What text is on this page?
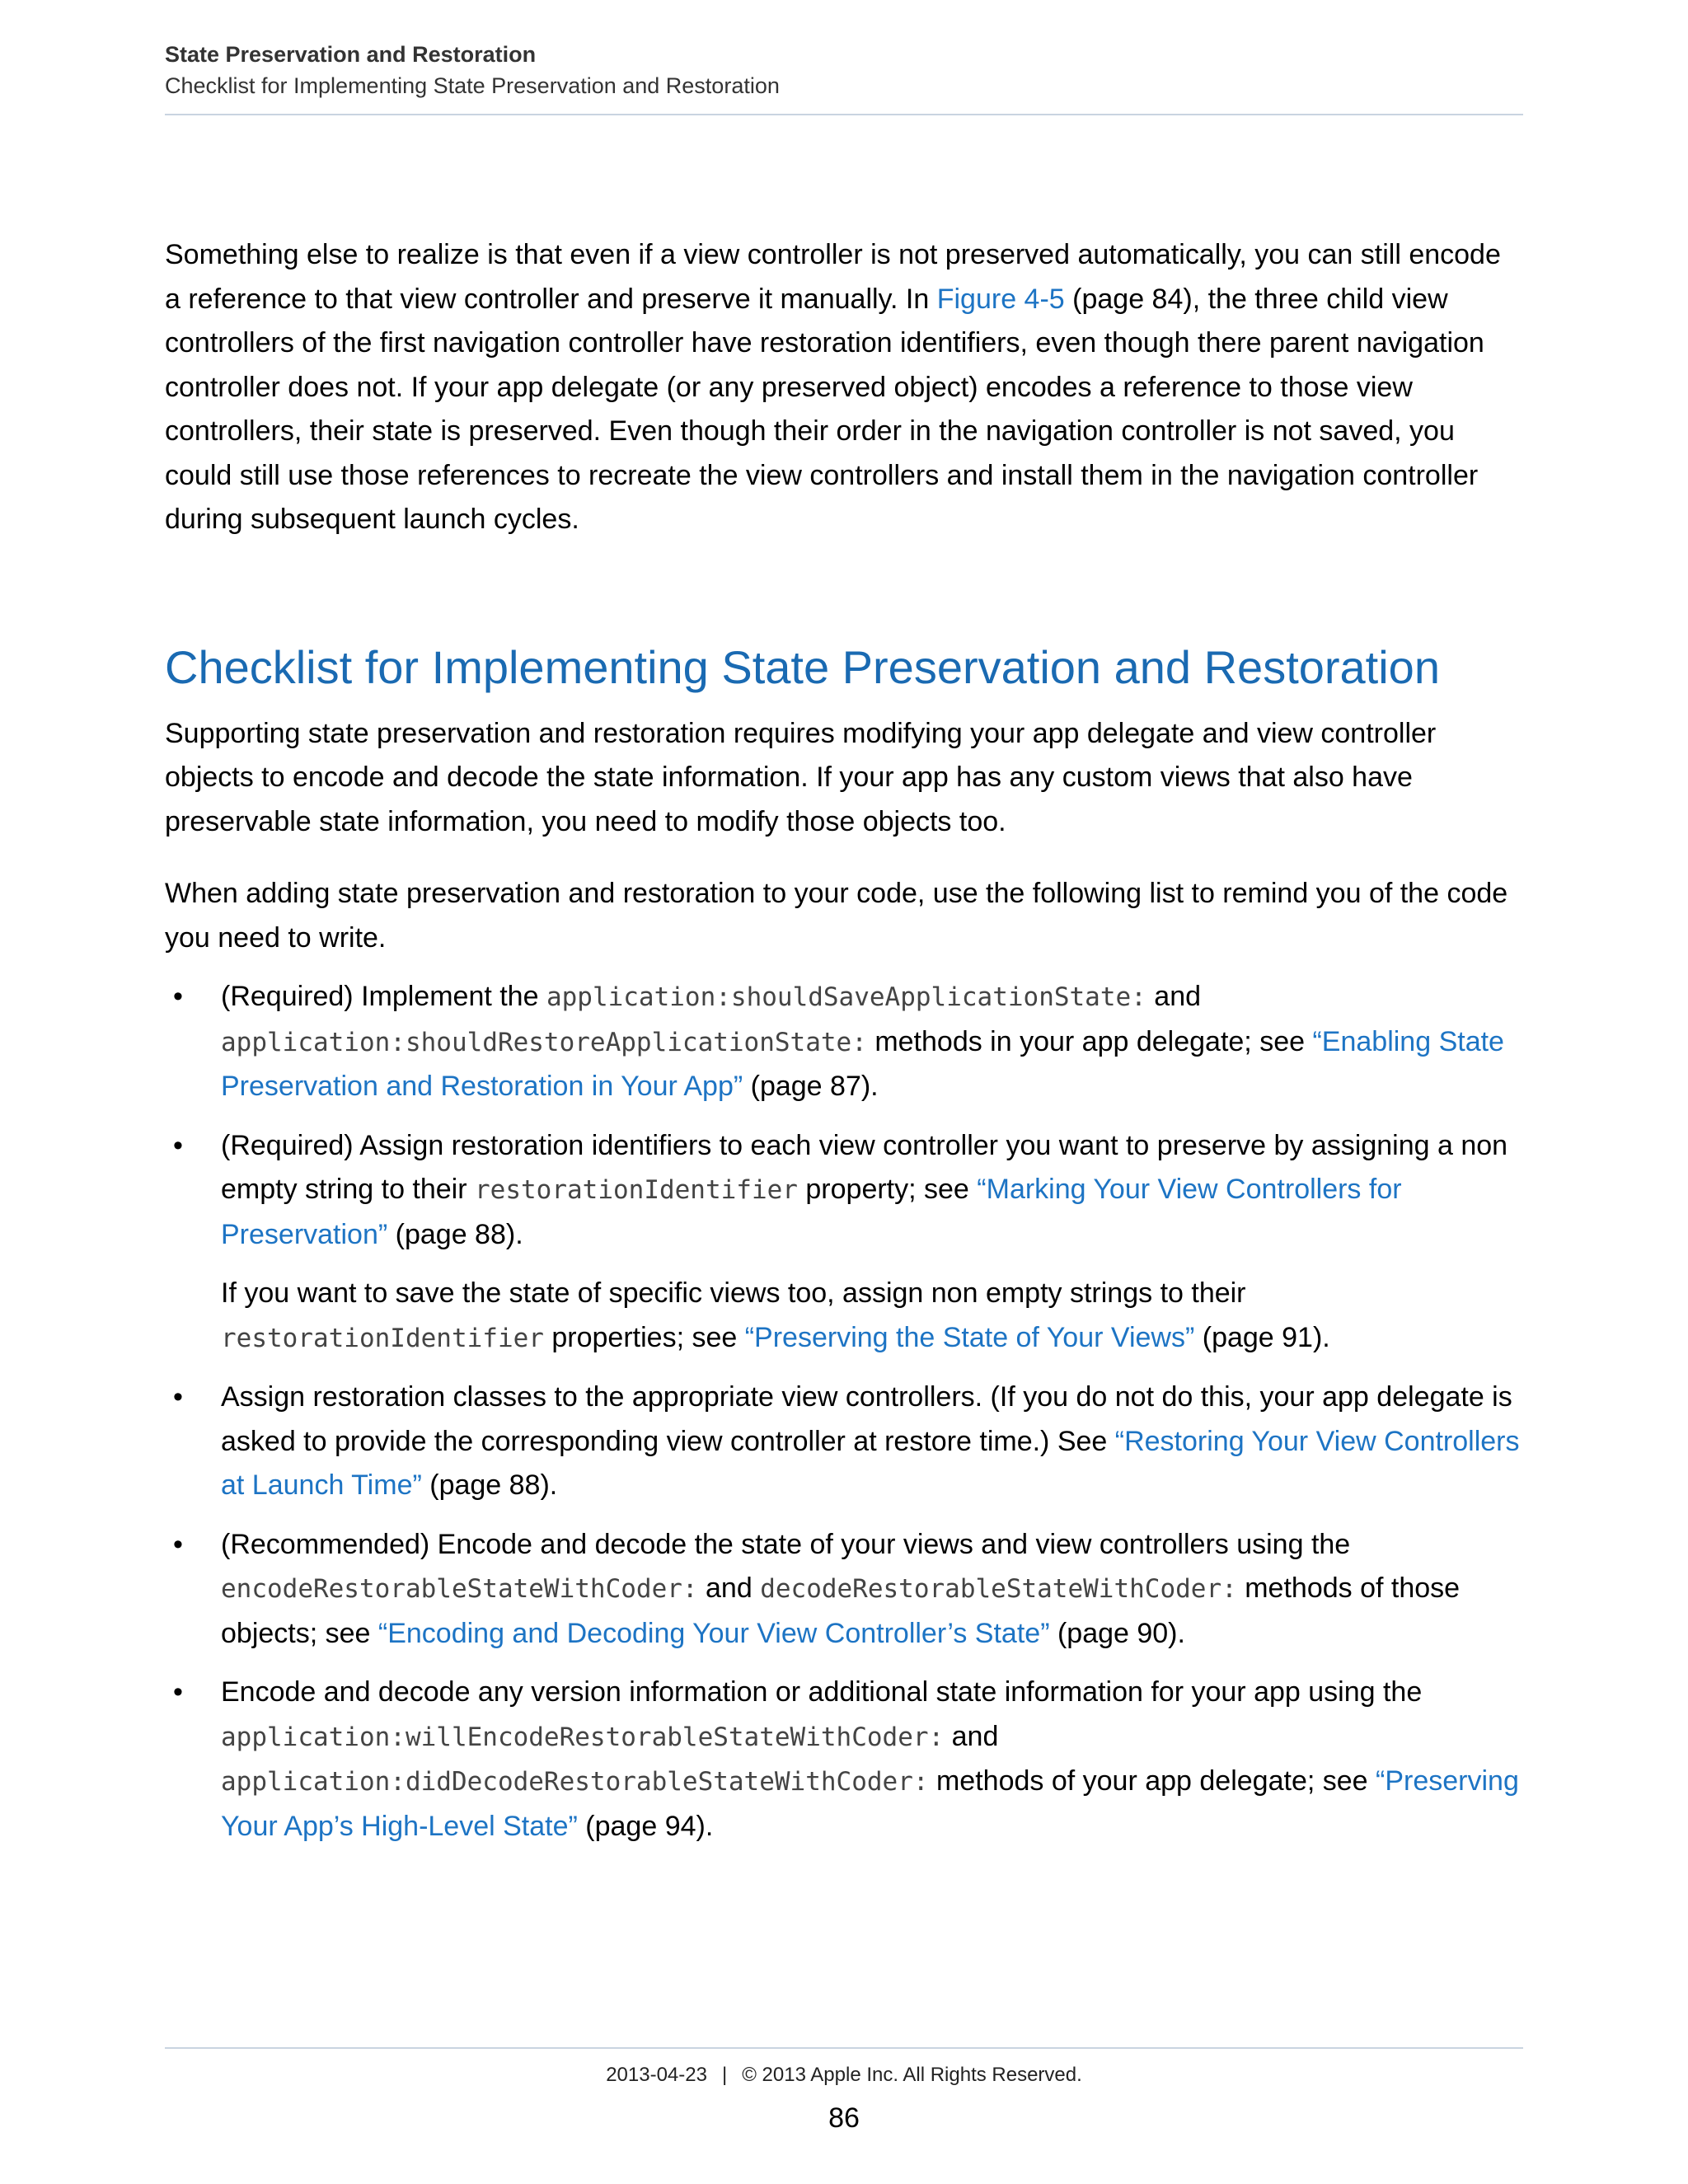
State Preservation and Restoration
Checklist for Implementing State Preservation and Restoration

Something else to realize is that even if a view controller is not preserved automatically, you can still encode a reference to that view controller and preserve it manually. In Figure 4-5 (page 84), the three child view controllers of the first navigation controller have restoration identifiers, even though there parent navigation controller does not. If your app delegate (or any preserved object) encodes a reference to those view controllers, their state is preserved. Even though their order in the navigation controller is not saved, you could still use those references to recreate the view controllers and install them in the navigation controller during subsequent launch cycles.

Checklist for Implementing State Preservation and Restoration

Supporting state preservation and restoration requires modifying your app delegate and view controller objects to encode and decode the state information. If your app has any custom views that also have preservable state information, you need to modify those objects too.

When adding state preservation and restoration to your code, use the following list to remind you of the code you need to write.

• (Required) Implement the application:shouldSaveApplicationState: and
application:shouldRestoreApplicationState: methods in your app delegate; see “Enabling State Preservation and Restoration in Your App” (page 87).

• (Required) Assign restoration identifiers to each view controller you want to preserve by assigning a non empty string to their restorationIdentifier property; see “Marking Your View Controllers for Preservation” (page 88).

If you want to save the state of specific views too, assign non empty strings to their
restorationIdentifier properties; see “Preserving the State of Your Views” (page 91).

• Assign restoration classes to the appropriate view controllers. (If you do not do this, your app delegate is asked to provide the corresponding view controller at restore time.) See “Restoring Your View Controllers at Launch Time” (page 88).

• (Recommended) Encode and decode the state of your views and view controllers using the
encodeRestorableStateWithCoder: and decodeRestorableStateWithCoder: methods of those objects; see “Encoding and Decoding Your View Controller’s State” (page 90).

• Encode and decode any version information or additional state information for your app using the
application:willEncodeRestorableStateWithCoder: and
application:didDecodeRestorableStateWithCoder: methods of your app delegate; see “Preserving Your App’s High-Level State” (page 94).

2013-04-23 | © 2013 Apple Inc. All Rights Reserved.
86
